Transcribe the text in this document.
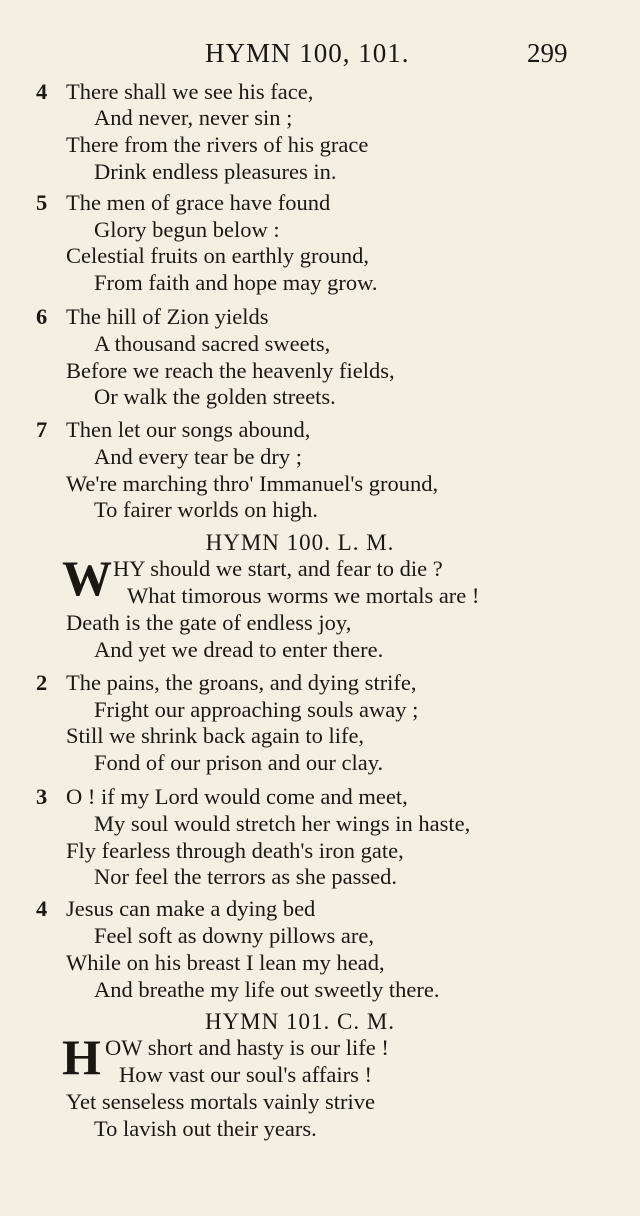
HYMN 100, 101.	299
4 There shall we see his face,
And never, never sin ;
There from the rivers of his grace
Drink endless pleasures in.
5 The men of grace have found
Glory begun below :
Celestial fruits on earthly ground,
From faith and hope may grow.
6 The hill of Zion yields
A thousand sacred sweets,
Before we reach the heavenly fields,
Or walk the golden streets.
7 Then let our songs abound,
And every tear be dry ;
We're marching thro' Immanuel's ground,
To fairer worlds on high.
HYMN 100. L. M.
W HY should we start, and fear to die ?
What timorous worms we mortals are !
Death is the gate of endless joy,
And yet we dread to enter there.
2 The pains, the groans, and dying strife,
Fright our approaching souls away ;
Still we shrink back again to life,
Fond of our prison and our clay.
3 O ! if my Lord would come and meet,
My soul would stretch her wings in haste,
Fly fearless through death's iron gate,
Nor feel the terrors as she passed.
4 Jesus can make a dying bed
Feel soft as downy pillows are,
While on his breast I lean my head,
And breathe my life out sweetly there.
HYMN 101. C. M.
H OW short and hasty is our life !
How vast our soul's affairs !
Yet senseless mortals vainly strive
To lavish out their years.
